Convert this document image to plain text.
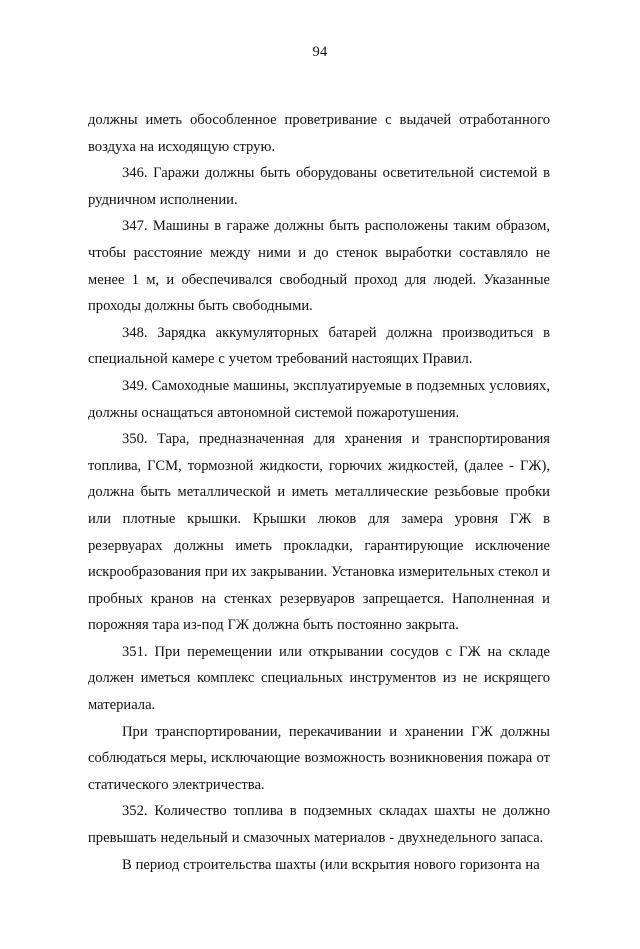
94

должны иметь обособленное проветривание с выдачей отработанного воздуха на исходящую струю.

346. Гаражи должны быть оборудованы осветительной системой в рудничном исполнении.

347. Машины в гараже должны быть расположены таким образом, чтобы расстояние между ними и до стенок выработки составляло не менее 1 м, и обеспечивался свободный проход для людей. Указанные проходы должны быть свободными.

348. Зарядка аккумуляторных батарей должна производиться в специальной камере с учетом требований настоящих Правил.

349. Самоходные машины, эксплуатируемые в подземных условиях, должны оснащаться автономной системой пожаротушения.

350. Тара, предназначенная для хранения и транспортирования топлива, ГСМ, тормозной жидкости, горючих жидкостей, (далее - ГЖ), должна быть металлической и иметь металлические резьбовые пробки или плотные крышки. Крышки люков для замера уровня ГЖ в резервуарах должны иметь прокладки, гарантирующие исключение искрообразования при их закрывании. Установка измерительных стекол и пробных кранов на стенках резервуаров запрещается. Наполненная и порожняя тара из-под ГЖ должна быть постоянно закрыта.

351. При перемещении или открывании сосудов с ГЖ на складе должен иметься комплекс специальных инструментов из не искрящего материала.

При транспортировании, перекачивании и хранении ГЖ должны соблюдаться меры, исключающие возможность возникновения пожара от статического электричества.

352. Количество топлива в подземных складах шахты не должно превышать недельный и смазочных материалов - двухнедельного запаса.

В период строительства шахты (или вскрытия нового горизонта на
